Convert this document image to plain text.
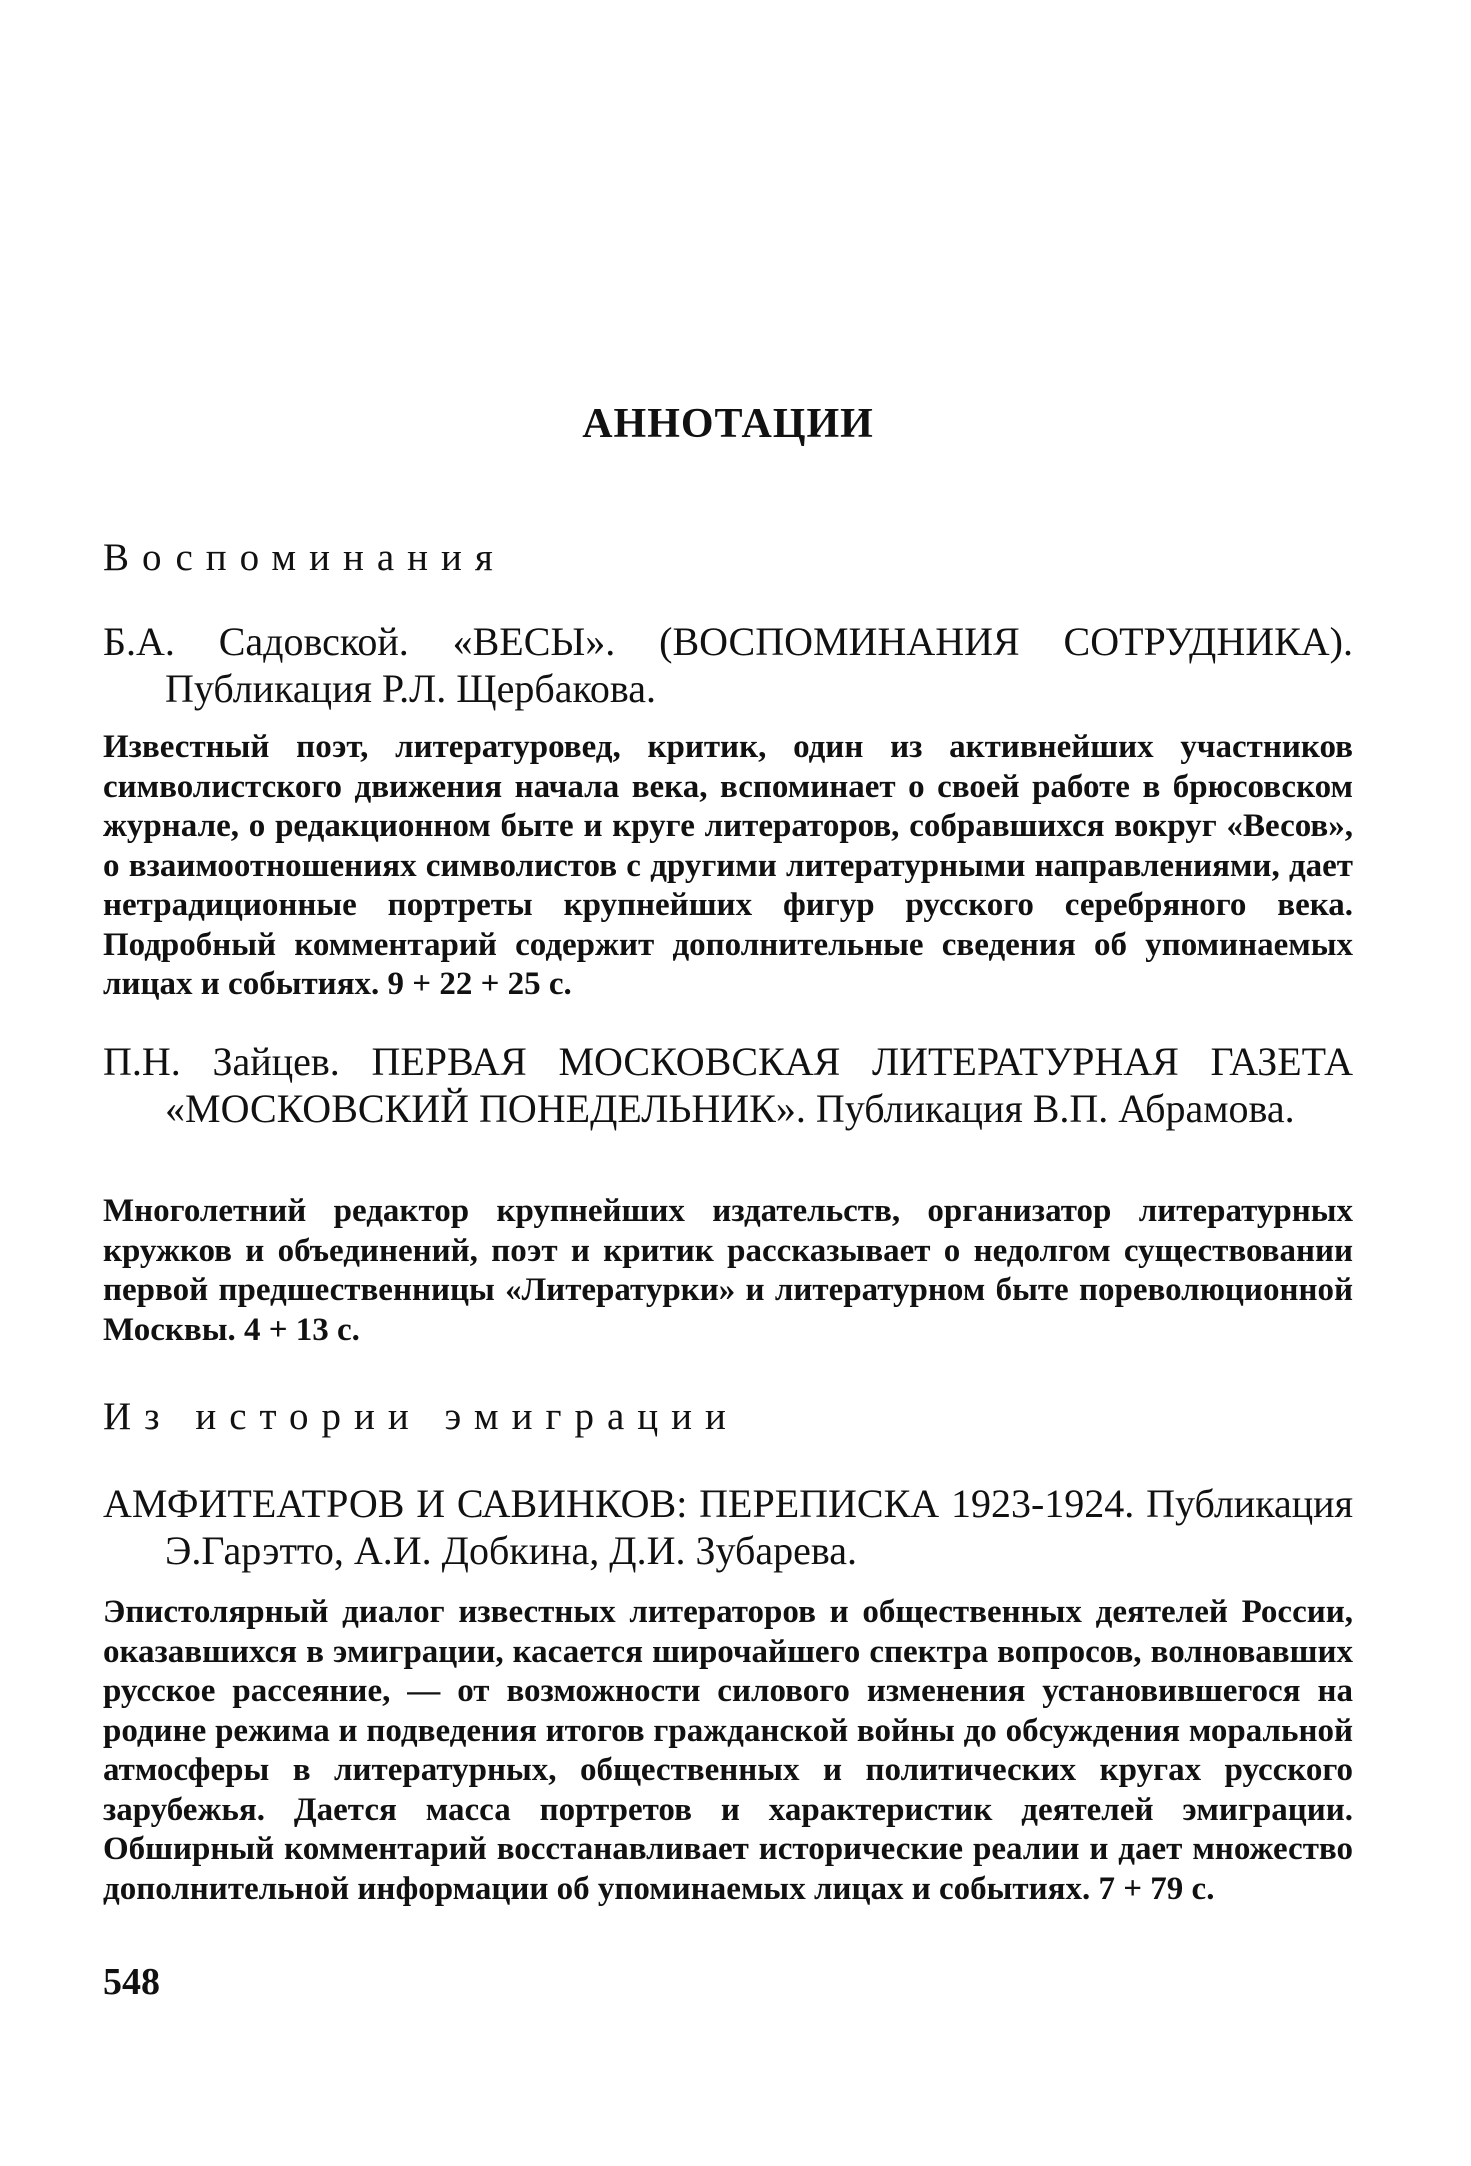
АННОТАЦИИ
Воспоминания

Б.А. Садовской. «ВЕСЫ». (ВОСПОМИНАНИЯ СОТРУДНИКА). Публикация Р.Л. Щербакова.

Известный поэт, литературовед, критик, один из активнейших участников символистского движения начала века, вспоминает о своей работе в брюсовском журнале, о редакционном быте и круге литераторов, собравшихся вокруг «Весов», о взаимоотношениях символистов с другими литературными направлениями, дает нетрадиционные портреты крупнейших фигур русского серебряного века. Подробный комментарий содержит дополнительные сведения об упоминаемых лицах и событиях. 9 + 22 + 25 с.

П.Н. Зайцев. ПЕРВАЯ МОСКОВСКАЯ ЛИТЕРАТУРНАЯ ГАЗЕТА «МОСКОВСКИЙ ПОНЕДЕЛЬНИК». Публикация В.П. Абрамова.

Многолетний редактор крупнейших издательств, организатор литературных кружков и объединений, поэт и критик рассказывает о недолгом существовании первой предшественницы «Литературки» и литературном быте пореволюционной Москвы. 4 + 13 с.

Из истории эмиграции

АМФИТЕАТРОВ И САВИНКОВ: ПЕРЕПИСКА 1923-1924. Публикация Э.Гарэтто, А.И. Добкина, Д.И. Зубарева.

Эпистолярный диалог известных литераторов и общественных деятелей России, оказавшихся в эмиграции, касается широчайшего спектра вопросов, волновавших русское рассеяние, — от возможности силового изменения установившегося на родине режима и подведения итогов гражданской войны до обсуждения моральной атмосферы в литературных, общественных и политических кругах русского зарубежья. Дается масса портретов и характеристик деятелей эмиграции. Обширный комментарий восстанавливает исторические реалии и дает множество дополнительной информации об упоминаемых лицах и событиях. 7 + 79 с.

548
